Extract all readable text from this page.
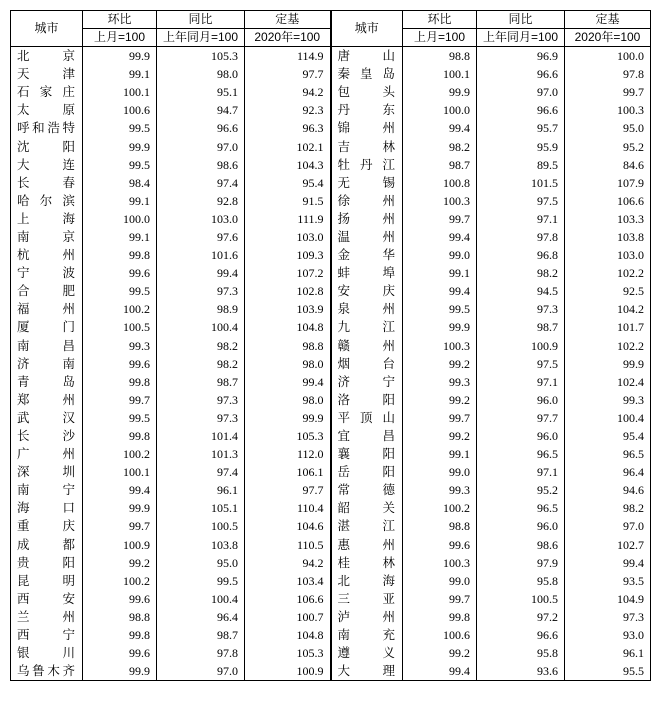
城市	环比	同比	定基	城市	环比	同比	定基
	上月=100	上年同月=100	2020年=100		上月=100	上年同月=100	2020年=100
北　京	99.9	105.3	114.9	唐　山	98.8	96.9	100.0
天　津	99.1	98.0	97.7	秦皇岛	100.1	96.6	97.8
石家庄	100.1	95.1	94.2	包　头	99.9	97.0	99.7
太　原	100.6	94.7	92.3	丹　东	100.0	96.6	100.3
呼和浩特	99.5	96.6	96.3	锦　州	99.4	95.7	95.0
沈　阳	99.9	97.0	102.1	吉　林	98.2	95.9	95.2
大　连	99.5	98.6	104.3	牡丹江	98.7	89.5	84.6
长　春	98.4	97.4	95.4	无　锡	100.8	101.5	107.9
哈尔滨	99.1	92.8	91.5	徐　州	100.3	97.5	106.6
上　海	100.0	103.0	111.9	扬　州	99.7	97.1	103.3
南　京	99.1	97.6	103.0	温　州	99.4	97.8	103.8
杭　州	99.8	101.6	109.3	金　华	99.0	96.8	103.0
宁　波	99.6	99.4	107.2	蚌　埠	99.1	98.2	102.2
合　肥	99.5	97.3	102.8	安　庆	99.4	94.5	92.5
福　州	100.2	98.9	103.9	泉　州	99.5	97.3	104.2
厦　门	100.5	100.4	104.8	九　江	99.9	98.7	101.7
南　昌	99.3	98.2	98.8	赣　州	100.3	100.9	102.2
济　南	99.6	98.2	98.0	烟　台	99.2	97.5	99.9
青　岛	99.8	98.7	99.4	济　宁	99.3	97.1	102.4
郑　州	99.7	97.3	98.0	洛　阳	99.2	96.0	99.3
武　汉	99.5	97.3	99.9	平顶山	99.7	97.7	100.4
长　沙	99.8	101.4	105.3	宜　昌	99.2	96.0	95.4
广　州	100.2	101.3	112.0	襄　阳	99.1	96.5	96.5
深　圳	100.1	97.4	106.1	岳　阳	99.0	97.1	96.4
南　宁	99.4	96.1	97.7	常　德	99.3	95.2	94.6
海　口	99.9	105.1	110.4	韶　关	100.2	96.5	98.2
重　庆	99.7	100.5	104.6	湛　江	98.8	96.0	97.0
成　都	100.9	103.8	110.5	惠　州	99.6	98.6	102.7
贵　阳	99.2	95.0	94.2	桂　林	100.3	97.9	99.4
昆　明	100.2	99.5	103.4	北　海	99.0	95.8	93.5
西　安	99.6	100.4	106.6	三　亚	99.7	100.5	104.9
兰　州	98.8	96.4	100.7	泸　州	99.8	97.2	97.3
西　宁	99.8	98.7	104.8	南　充	100.6	96.6	93.0
银　川	99.6	97.8	105.3	遵　义	99.2	95.8	96.1
乌鲁木齐	99.9	97.0	100.9	大　理	99.4	93.6	95.5
